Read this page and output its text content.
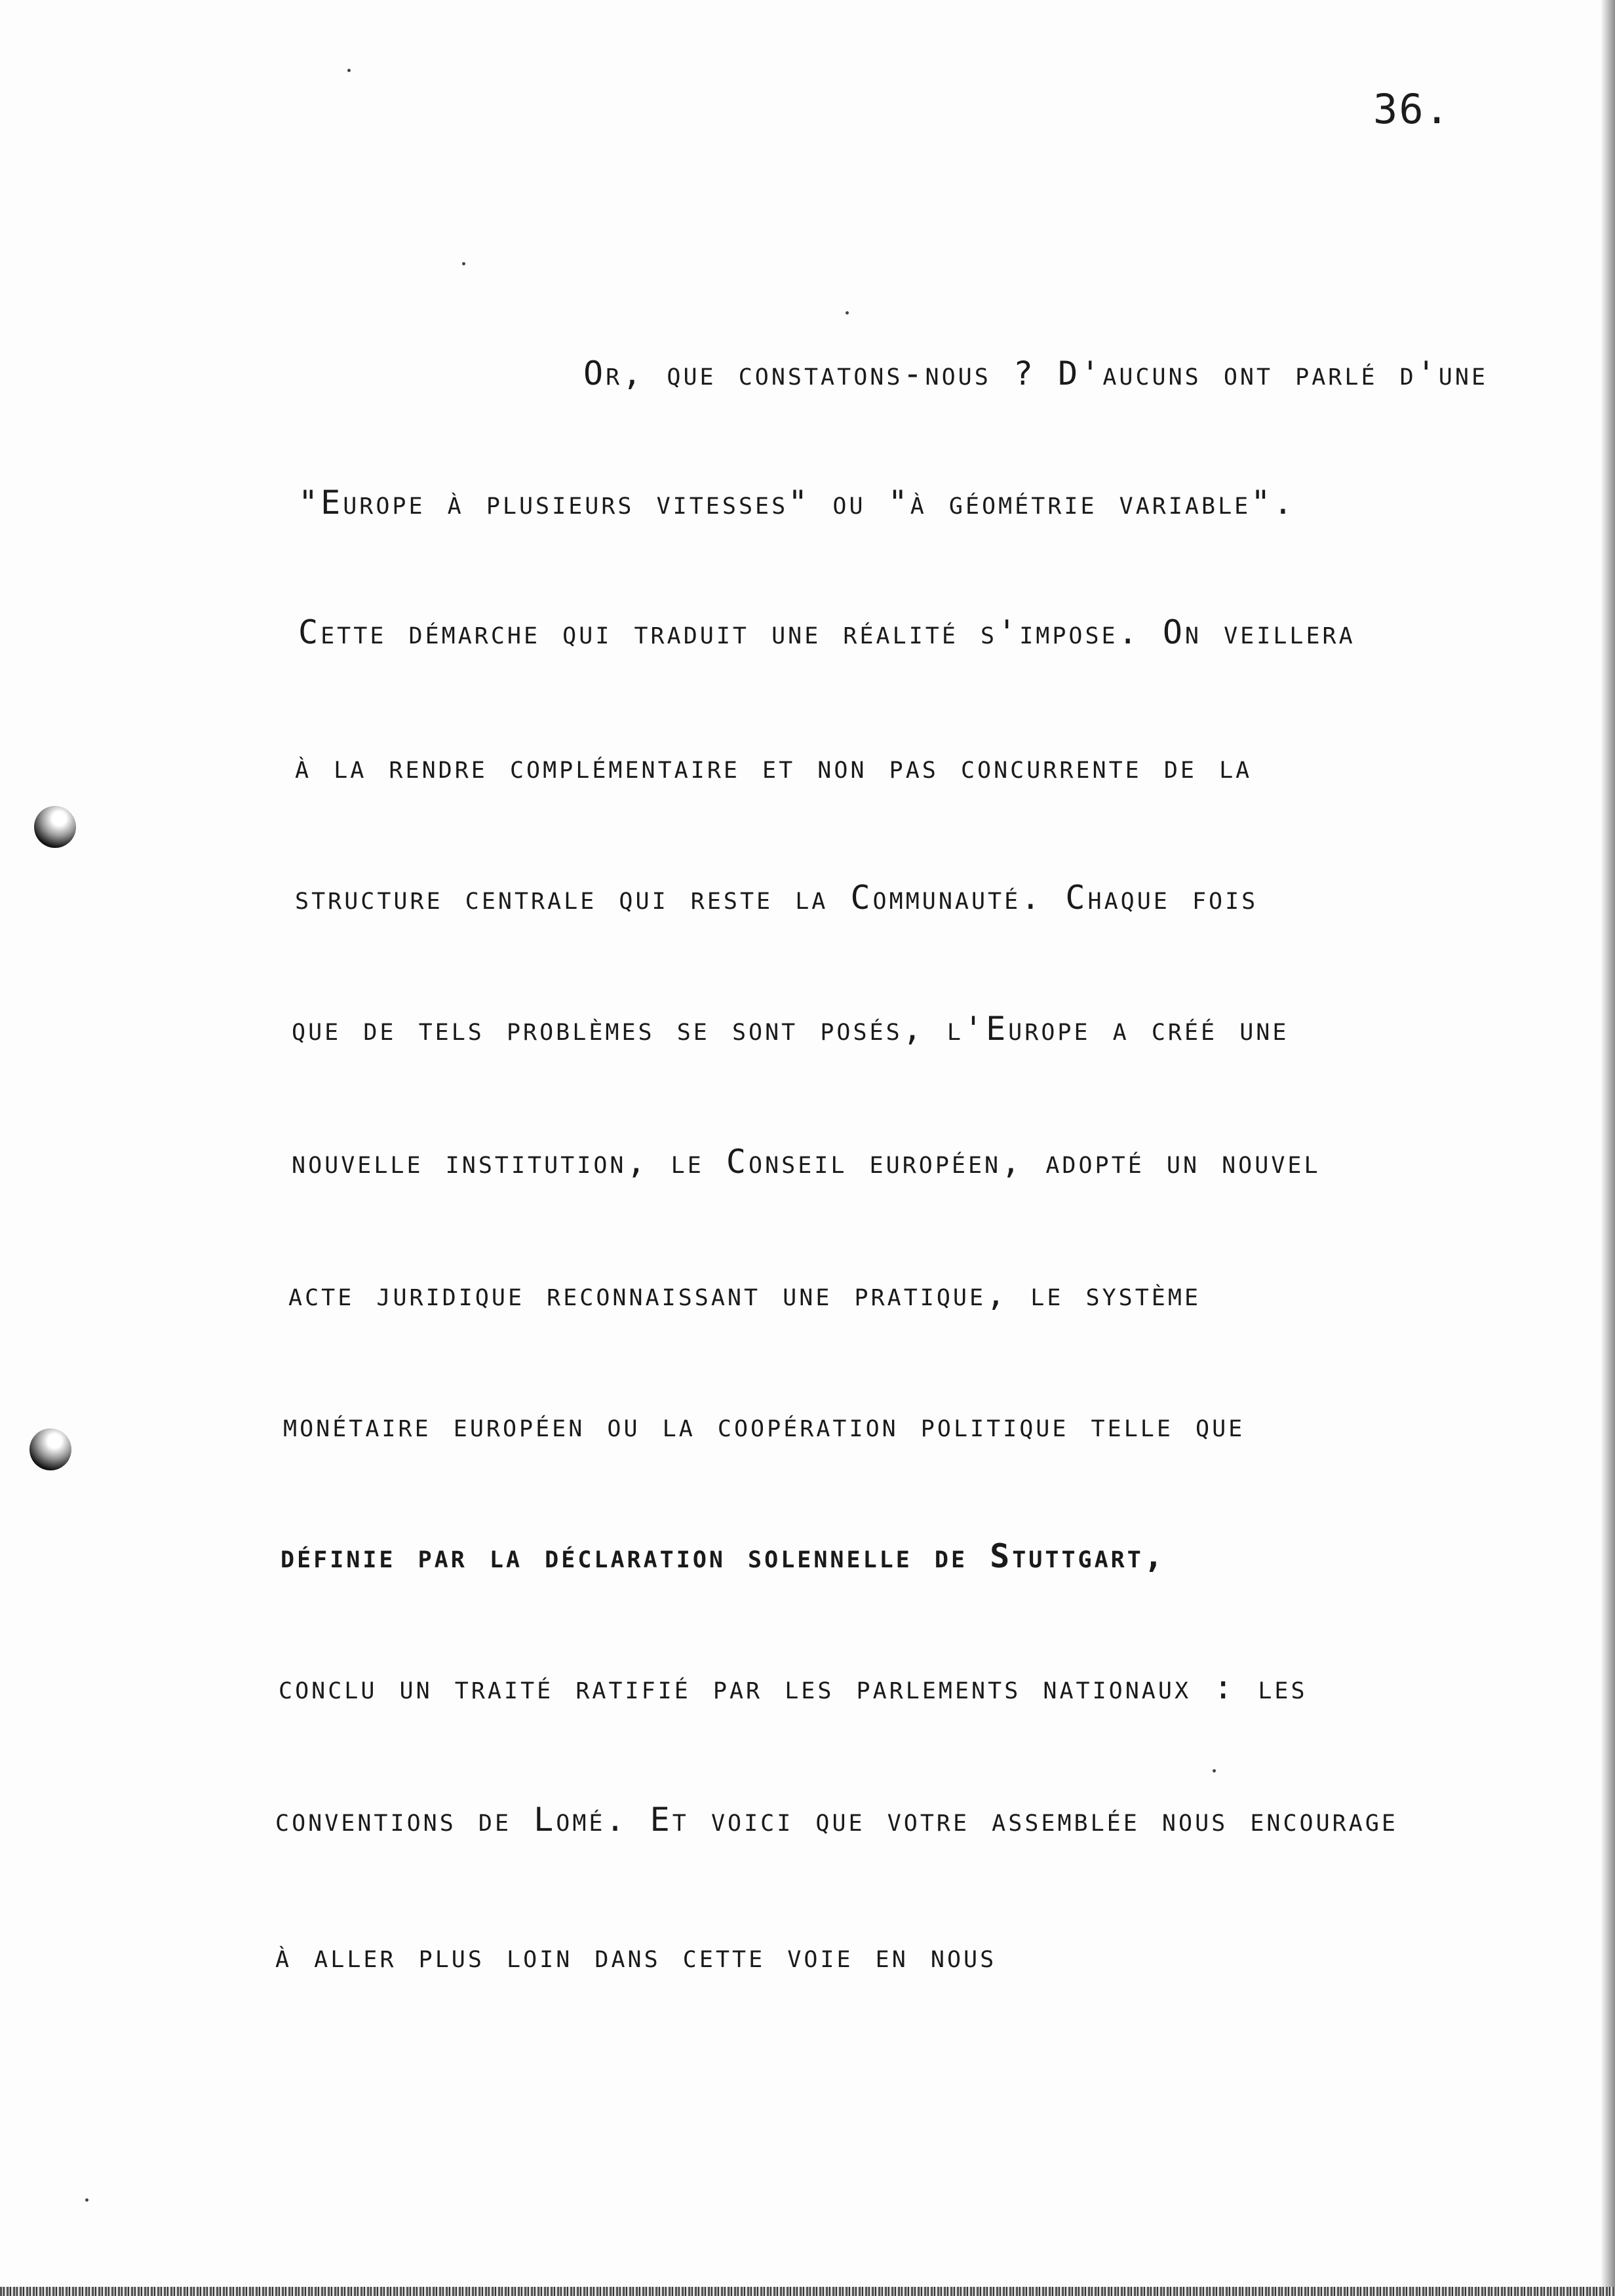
36.
Or, que constatons-nous ? D'aucuns ont parlé d'une
"Europe à plusieurs vitesses" ou "à géométrie variable".
Cette démarche qui traduit une réalité s'impose. On veillera
à la rendre complémentaire et non pas concurrente de la
structure centrale qui reste la Communauté. Chaque fois
que de tels problèmes se sont posés, l'Europe a créé une
nouvelle institution, le Conseil européen, adopté un nouvel
acte juridique reconnaissant une pratique, le système
monétaire européen ou la coopération politique telle que
définie par la déclaration solennelle de Stuttgart,
conclu un traité ratifié par les parlements nationaux : les
conventions de Lomé. Et voici que votre assemblée nous encourage
à aller plus loin dans cette voie en nous
